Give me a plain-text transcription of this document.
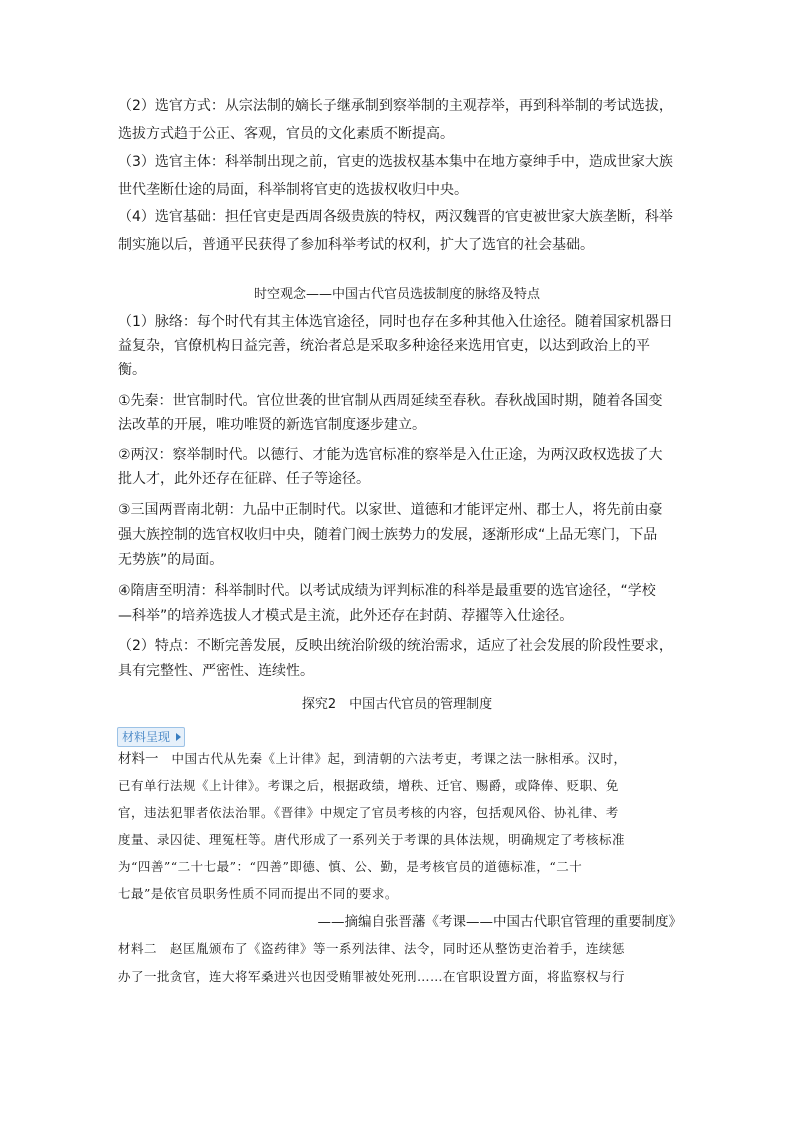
（2）选官方式：从宗法制的嫡长子继承制到察举制的主观荐举，再到科举制的考试选拔，
选拔方式趋于公正、客观，官员的文化素质不断提高。
（3）选官主体：科举制出现之前，官吏的选拔权基本集中在地方豪绅手中，造成世家大族
世代垄断仕途的局面，科举制将官吏的选拔权收归中央。
（4）选官基础：担任官吏是西周各级贵族的特权，两汉魏晋的官吏被世家大族垄断，科举
制实施以后，普通平民获得了参加科举考试的权利，扩大了选官的社会基础。
时空观念——中国古代官员选拔制度的脉络及特点
（1）脉络：每个时代有其主体选官途径，同时也存在多种其他入仕途径。随着国家机器日
益复杂，官僚机构日益完善，统治者总是采取多种途径来选用官吏，以达到政治上的平
衡。
①先秦：世官制时代。官位世袭的世官制从西周延续至春秋。春秋战国时期，随着各国变
法改革的开展，唯功唯贤的新选官制度逐步建立。
②两汉：察举制时代。以德行、才能为选官标准的察举是入仕正途，为两汉政权选拔了大
批人才，此外还存在征辟、任子等途径。
③三国两晋南北朝：九品中正制时代。以家世、道德和才能评定州、郡士人，将先前由豪
强大族控制的选官权收归中央，随着门阀士族势力的发展，逐渐形成“上品无寒门，下品
无势族”的局面。
④隋唐至明清：科举制时代。以考试成绩为评判标准的科举是最重要的选官途径，“学校
—科举”的培养选拔人才模式是主流，此外还存在封荫、荐擢等入仕途径。
（2）特点：不断完善发展，反映出统治阶级的统治需求，适应了社会发展的阶段性要求，
具有完整性、严密性、连续性。
探究2　中国古代官员的管理制度
材料呈现
材料一　中国古代从先秦《上计律》起，到清朝的六法考吏，考课之法一脉相承。汉时，
已有单行法规《上计律》。考课之后，根据政绩，增秩、迁官、赐爵，或降俸、贬职、免
官，违法犯罪者依法治罪。《晋律》中规定了官员考核的内容，包括观风俗、协礼律、考
度量、录囚徒、理冤枉等。唐代形成了一系列关于考课的具体法规，明确规定了考核标准
为“四善”“二十七最”：“四善”即德、慎、公、勤，是考核官员的道德标准，“二十
七最”是依官员职务性质不同而提出不同的要求。
——摘编自张晋藩《考课——中国古代职官管理的重要制度》
材料二　赵匡胤颁布了《盗药律》等一系列法律、法令，同时还从整饬吏治着手，连续惩
办了一批贪官，连大将军桑进兴也因受贿罪被处死刑……在官职设置方面，将监察权与行
